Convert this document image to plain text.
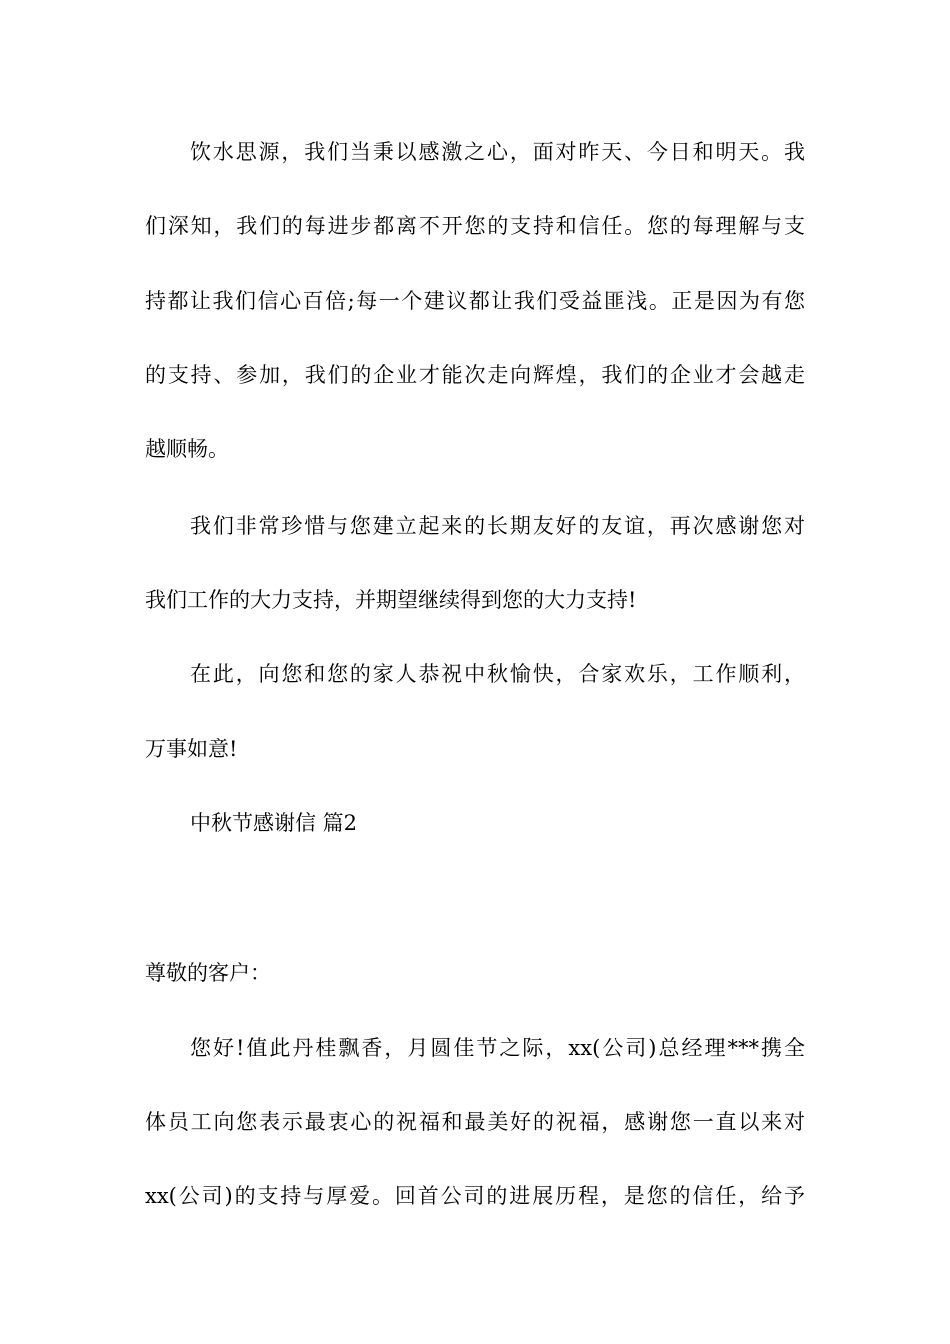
饮水思源，我们当秉以感激之心，面对昨天、今日和明天。我
们深知，我们的每进步都离不开您的支持和信任。您的每理解与支
持都让我们信心百倍;每一个建议都让我们受益匪浅。正是因为有您
的支持、参加，我们的企业才能次走向辉煌，我们的企业才会越走
越顺畅。
我们非常珍惜与您建立起来的长期友好的友谊，再次感谢您对
我们工作的大力支持，并期望继续得到您的大力支持!
在此，向您和您的家人恭祝中秋愉快，合家欢乐，工作顺利，
万事如意!
中秋节感谢信 篇2
尊敬的客户：
您好!值此丹桂飘香，月圆佳节之际，xx(公司)总经理***携全
体员工向您表示最衷心的祝福和最美好的祝福，感谢您一直以来对
xx(公司)的支持与厚爱。回首公司的进展历程，是您的信任，给予
